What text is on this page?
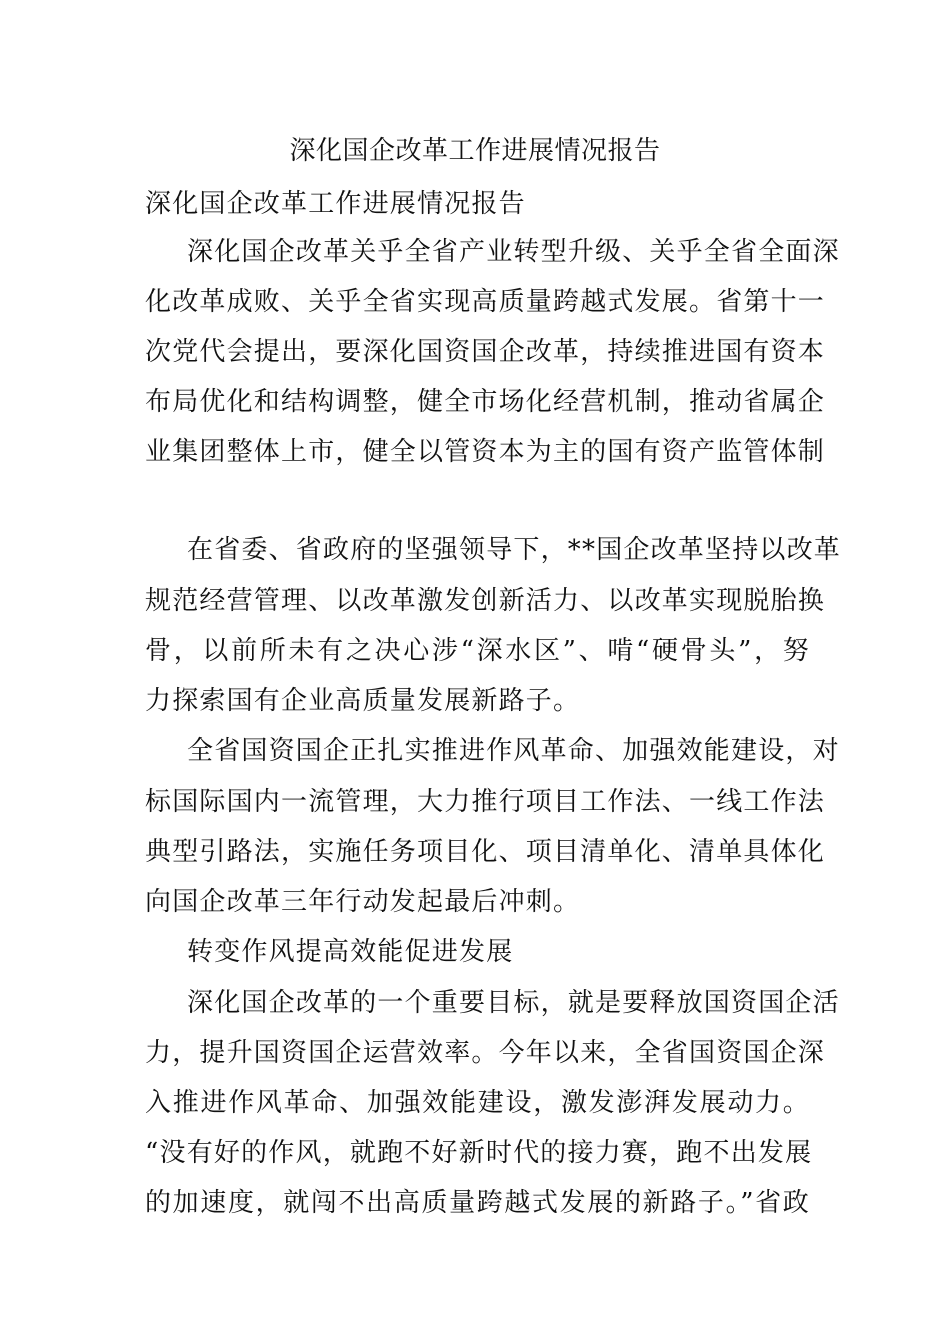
深化国企改革工作进展情况报告
深化国企改革工作进展情况报告
深化国企改革关乎全省产业转型升级、关乎全省全面深
化改革成败、关乎全省实现高质量跨越式发展。省第十一
次党代会提出，要深化国资国企改革，持续推进国有资本
布局优化和结构调整，健全市场化经营机制，推动省属企
业集团整体上市，健全以管资本为主的国有资产监管体制
在省委、省政府的坚强领导下，**国企改革坚持以改革
规范经营管理、以改革激发创新活力、以改革实现脱胎换
骨，以前所未有之决心涉“深水区”、啃“硬骨头”，努
力探索国有企业高质量发展新路子。
全省国资国企正扎实推进作风革命、加强效能建设，对
标国际国内一流管理，大力推行项目工作法、一线工作法
典型引路法，实施任务项目化、项目清单化、清单具体化
向国企改革三年行动发起最后冲刺。
转变作风提高效能促进发展
深化国企改革的一个重要目标，就是要释放国资国企活
力，提升国资国企运营效率。今年以来，全省国资国企深
入推进作风革命、加强效能建设，激发澎湃发展动力。
“没有好的作风，就跑不好新时代的接力赛，跑不出发展
的加速度，就闯不出高质量跨越式发展的新路子。”省政
